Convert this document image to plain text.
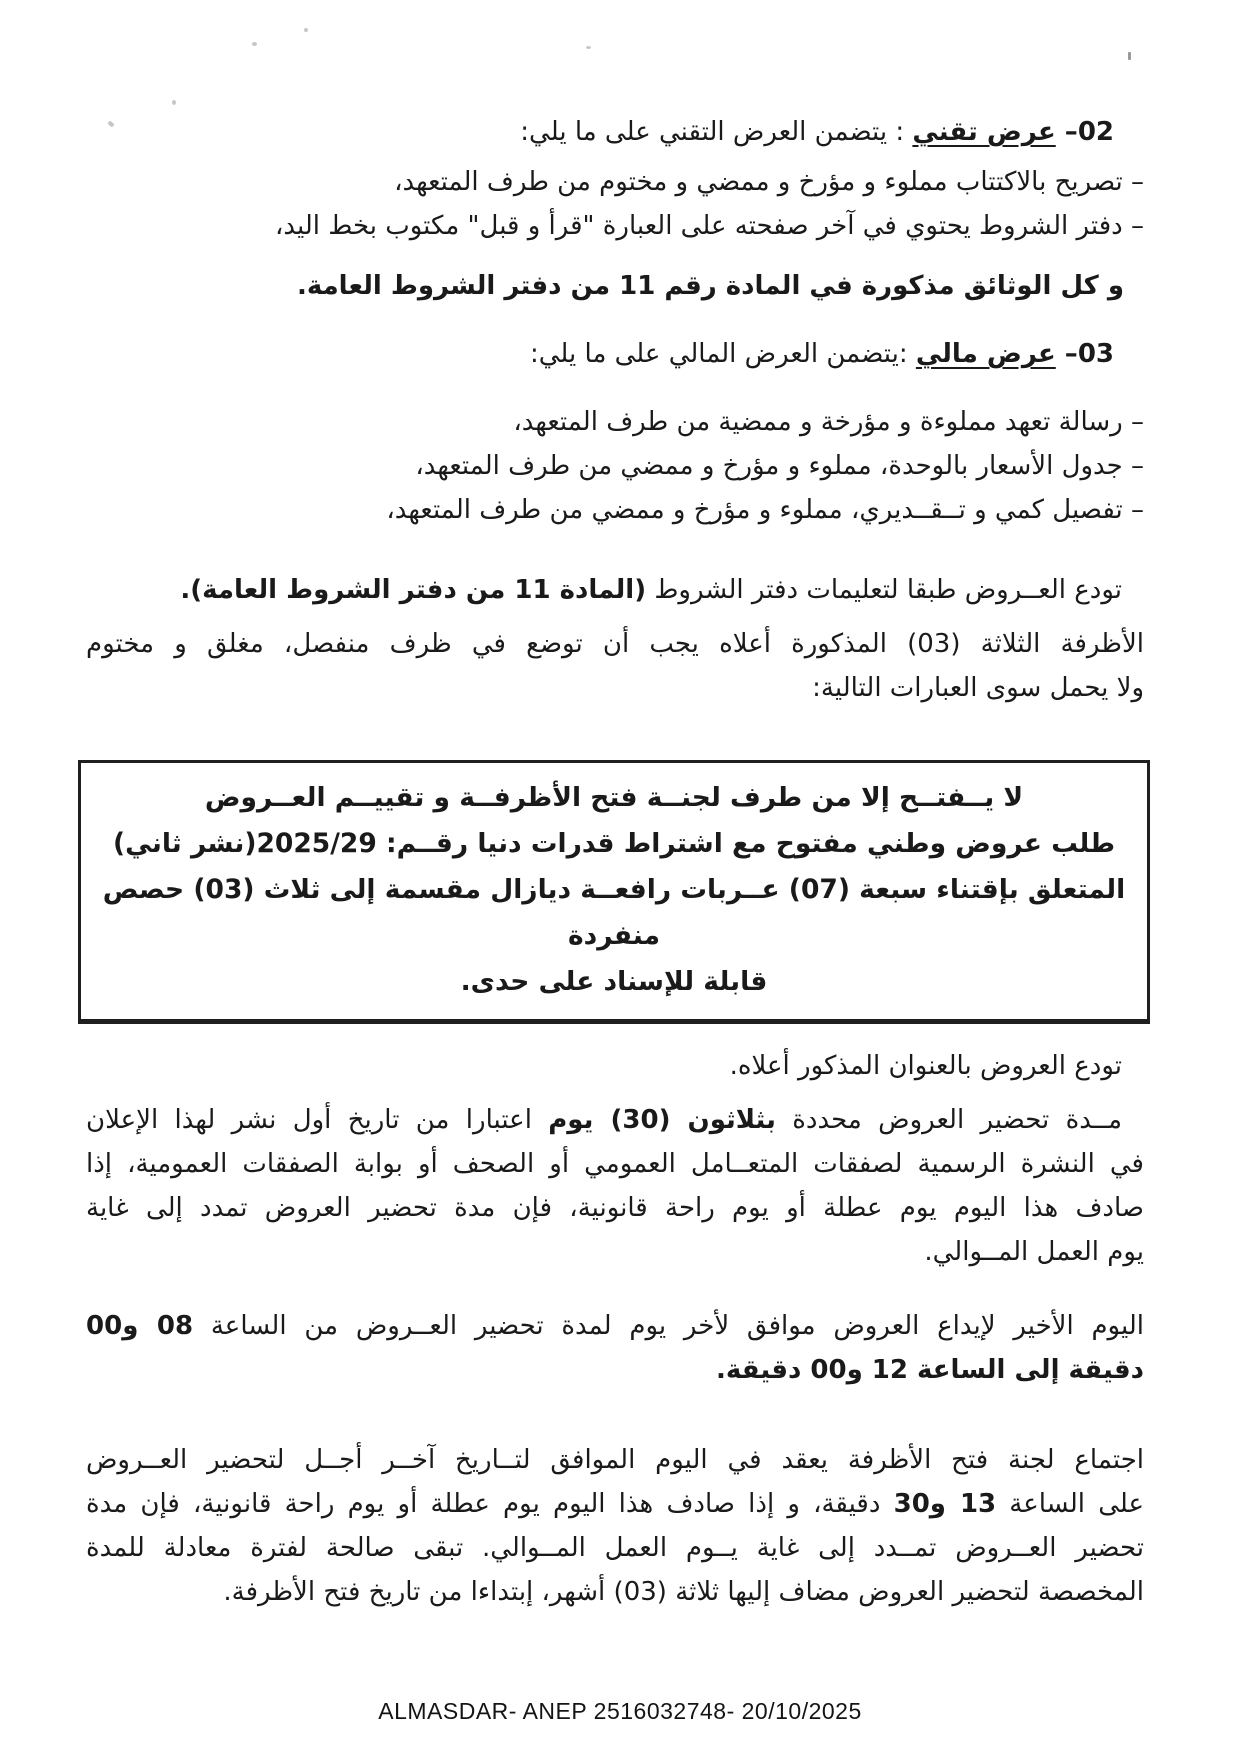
02– عرض تقني : يتضمن العرض التقني على ما يلي:
– تصريح بالاكتتاب مملوء و مؤرخ و ممضي و مختوم من طرف المتعهد،
– دفتر الشروط يحتوي في آخر صفحته على العبارة "قرأ و قبل" مكتوب بخط اليد،
و كل الوثائق مذكورة في المادة رقم 11 من دفتر الشروط العامة.
03– عرض مالي :يتضمن العرض المالي على ما يلي:
– رسالة تعهد مملوءة و مؤرخة و ممضية من طرف المتعهد،
– جدول الأسعار بالوحدة، مملوء و مؤرخ و ممضي من طرف المتعهد،
– تفصيل كمي و تــقــديري، مملوء و مؤرخ و ممضي من طرف المتعهد،
تودع العــروض طبقا لتعليمات دفتر الشروط (المادة 11 من دفتر الشروط العامة).
الأظرفة الثلاثة (03) المذكورة أعلاه يجب أن توضع في ظرف منفصل، مغلق و مختوم
ولا يحمل سوى العبارات التالية:
لا يــفتــح إلا من طرف لجنــة فتح الأظرفــة و تقييــم العــروض
طلب عروض وطني مفتوح مع اشتراط قدرات دنيا رقــم: 2025/29(نشر ثاني)
المتعلق بإقتناء سبعة (07) عــربات رافعــة ديازال مقسمة إلى ثلاث (03) حصص منفردة
قابلة للإسناد على حدى.
تودع العروض بالعنوان المذكور أعلاه.
مــدة تحضير العروض محددة بثلاثون (30) يوم اعتبارا من تاريخ أول نشر لهذا الإعلان
في النشرة الرسمية لصفقات المتعــامل العمومي أو الصحف أو بوابة الصفقات العمومية، إذا
صادف هذا اليوم يوم عطلة أو يوم راحة قانونية، فإن مدة تحضير العروض تمدد إلى غاية
يوم العمل المــوالي.
اليوم الأخير لإيداع العروض موافق لأخر يوم لمدة تحضير العــروض من الساعة 08 و00
دقيقة إلى الساعة 12 و00 دقيقة.
اجتماع لجنة فتح الأظرفة يعقد في اليوم الموافق لتــاريخ آخــر أجــل لتحضير العــروض
على الساعة 13 و30 دقيقة، و إذا صادف هذا اليوم يوم عطلة أو يوم راحة قانونية، فإن مدة
تحضير العــروض تمــدد إلى غاية يــوم العمل المــوالي. تبقى صالحة لفترة معادلة للمدة
المخصصة لتحضير العروض مضاف إليها ثلاثة (03) أشهر، إبتداءا من تاريخ فتح الأظرفة.
ALMASDAR- ANEP 2516032748- 20/10/2025
